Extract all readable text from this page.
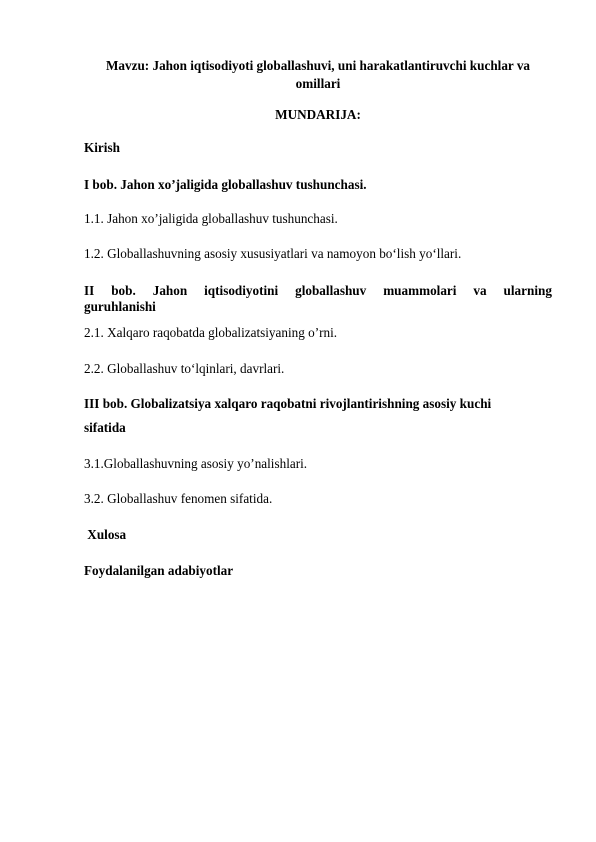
Mavzu: Jahon iqtisodiyoti globallashuvi, uni harakatlantiruvchi kuchlar va
omillari
MUNDARIJA:
Kirish
I bob. Jahon xo’jaligida globallashuv tushunchasi.
1.1. Jahon xo’jaligida globallashuv tushunchasi.
1.2. Globallashuvning asosiy xususiyatlari va namoyon bo‘lish yo‘llari.
II bob. Jahon iqtisodiyotini globallashuv muammolari va ularning
guruhlanishi
2.1. Xalqaro raqobatda globalizatsiyaning o’rni.
2.2. Globallashuv to‘lqinlari, davrlari.
III bob. Globalizatsiya xalqaro raqobatni rivojlantirishning asosiy kuchi
sifatida
3.1.Globallashuvning asosiy yo’nalishlari.
3.2. Globallashuv fenomen sifatida.
Xulosa
Foydalanilgan adabiyotlar
